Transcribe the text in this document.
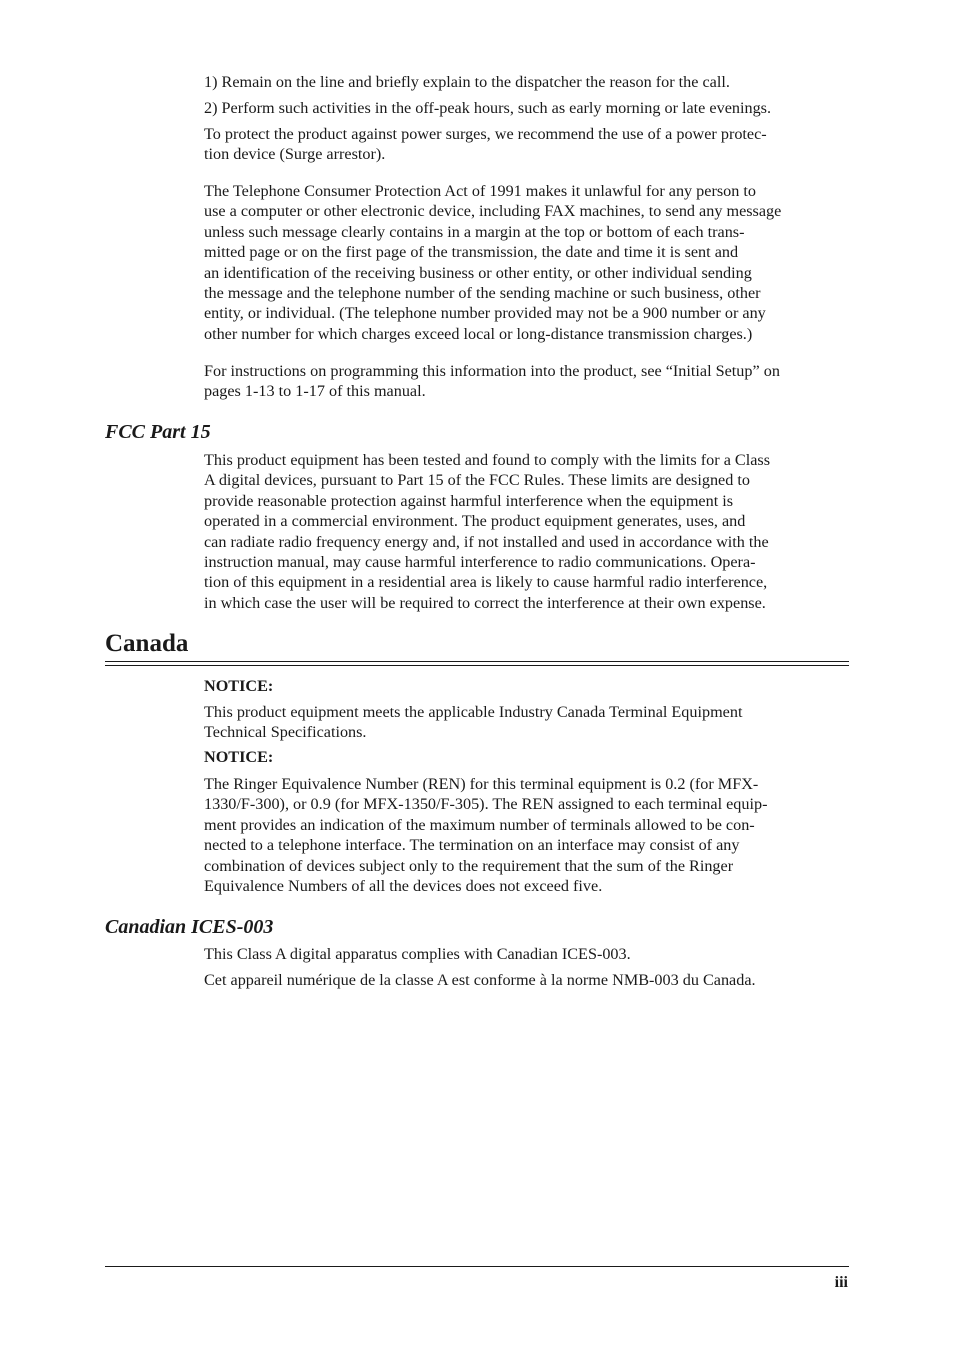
1) Remain on the line and briefly explain to the dispatcher the reason for the call.

2) Perform such activities in the off-peak hours, such as early morning or late evenings.

To protect the product against power surges, we recommend the use of a power protec-
tion device (Surge arrestor).

The Telephone Consumer Protection Act of 1991 makes it unlawful for any person to
use a computer or other electronic device, including FAX machines, to send any message
unless such message clearly contains in a margin at the top or bottom of each trans-
mitted page or on the first page of the transmission, the date and time it is sent and
an identification of the receiving business or other entity, or other individual sending
the message and the telephone number of the sending machine or such business, other
entity, or individual. (The telephone number provided may not be a 900 number or any
other number for which charges exceed local or long-distance transmission charges.)

For instructions on programming this information into the product, see “Initial Setup” on
pages 1-13 to 1-17 of this manual.

FCC Part 15

This product equipment has been tested and found to comply with the limits for a Class
A digital devices, pursuant to Part 15 of the FCC Rules. These limits are designed to
provide reasonable protection against harmful interference when the equipment is
operated in a commercial environment. The product equipment generates, uses, and
can radiate radio frequency energy and, if not installed and used in accordance with the
instruction manual, may cause harmful interference to radio communications. Opera-
tion of this equipment in a residential area is likely to cause harmful radio interference,
in which case the user will be required to correct the interference at their own expense.

Canada

NOTICE:

This product equipment meets the applicable Industry Canada Terminal Equipment
Technical Specifications.

NOTICE:

The Ringer Equivalence Number (REN) for this terminal equipment is 0.2 (for MFX-
1330/F-300), or 0.9 (for MFX-1350/F-305). The REN assigned to each terminal equip-
ment provides an indication of the maximum number of terminals allowed to be con-
nected to a telephone interface. The termination on an interface may consist of any
combination of devices subject only to the requirement that the sum of the Ringer
Equivalence Numbers of all the devices does not exceed five.

Canadian ICES-003

This Class A digital apparatus complies with Canadian ICES-003.

Cet appareil numérique de la classe A est conforme à la norme NMB-003 du Canada.

iii
